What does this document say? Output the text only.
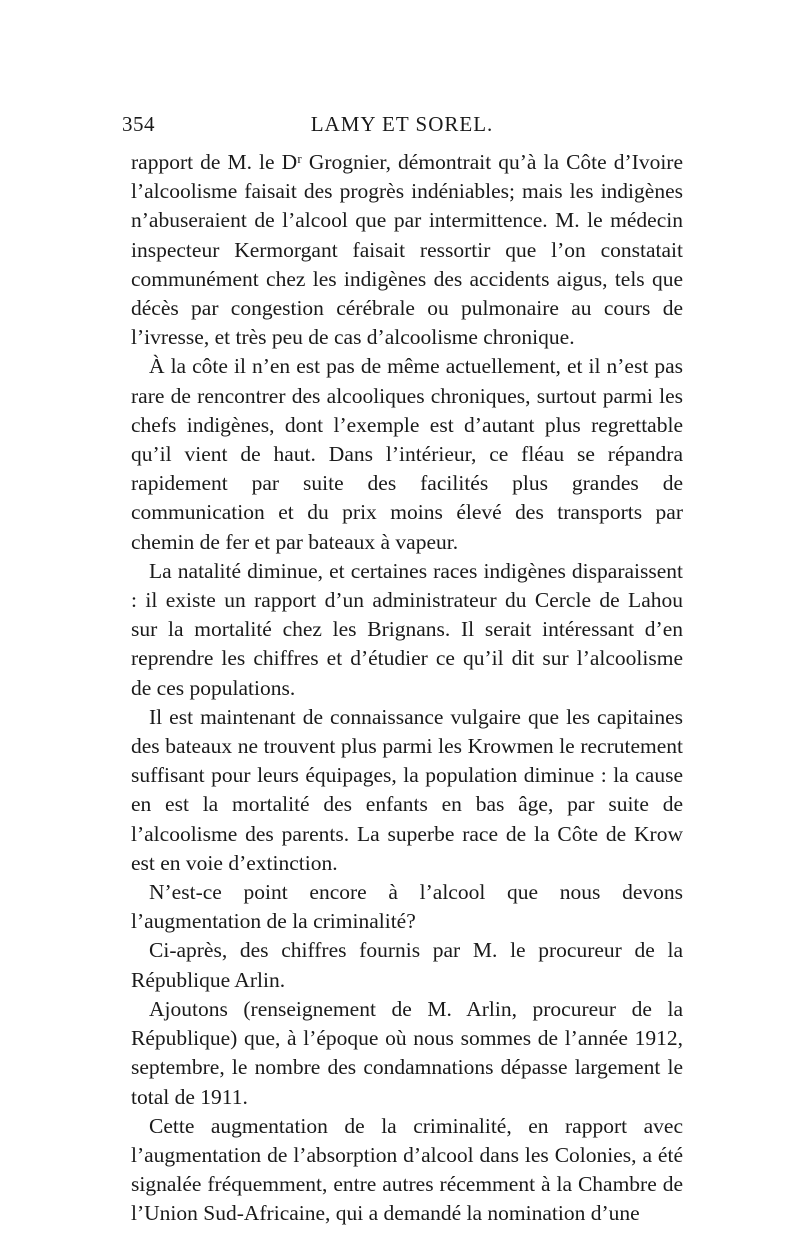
354	LAMY ET SOREL.

rapport de M. le Dʳ Grognier, démontrait qu’à la Côte d’Ivoire l’alcoolisme faisait des progrès indéniables; mais les indigènes n’abuseraient de l’alcool que par intermittence. M. le médecin inspecteur Kermorgant faisait ressortir que l’on constatait communément chez les indigènes des accidents aigus, tels que décès par congestion cérébrale ou pulmonaire au cours de l’ivresse, et très peu de cas d’alcoolisme chronique.

À la côte il n’en est pas de même actuellement, et il n’est pas rare de rencontrer des alcooliques chroniques, surtout parmi les chefs indigènes, dont l’exemple est d’autant plus regrettable qu’il vient de haut. Dans l’intérieur, ce fléau se répandra rapidement par suite des facilités plus grandes de communication et du prix moins élevé des transports par chemin de fer et par bateaux à vapeur.

La natalité diminue, et certaines races indigènes disparaissent : il existe un rapport d’un administrateur du Cercle de Lahou sur la mortalité chez les Brignans. Il serait intéressant d’en reprendre les chiffres et d’étudier ce qu’il dit sur l’alcoolisme de ces populations.

Il est maintenant de connaissance vulgaire que les capitaines des bateaux ne trouvent plus parmi les Krowmen le recrutement suffisant pour leurs équipages, la population diminue : la cause en est la mortalité des enfants en bas âge, par suite de l’alcoolisme des parents. La superbe race de la Côte de Krow est en voie d’extinction.

N’est-ce point encore à l’alcool que nous devons l’augmentation de la criminalité?

Ci-après, des chiffres fournis par M. le procureur de la République Arlin.

Ajoutons (renseignement de M. Arlin, procureur de la République) que, à l’époque où nous sommes de l’année 1912, septembre, le nombre des condamnations dépasse largement le total de 1911.

Cette augmentation de la criminalité, en rapport avec l’augmentation de l’absorption d’alcool dans les Colonies, a été signalée fréquemment, entre autres récemment à la Chambre de l’Union Sud-Africaine, qui a demandé la nomination d’une
